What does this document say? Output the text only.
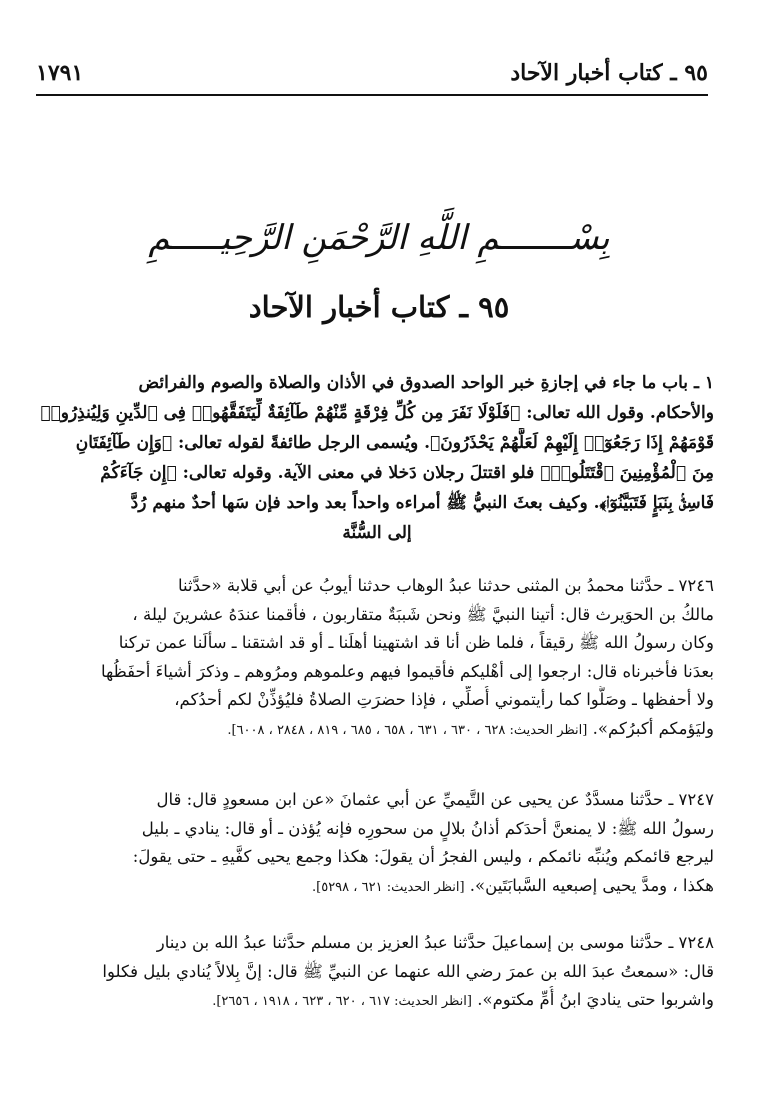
٩٥ ـ كتاب أخبار الآحاد
١٧٩١
بِسْـــــــمِ اللَّهِ الرَّحْمَنِ الرَّحِيـــــمِ
٩٥ ـ كتاب أخبار الآحاد
١ ـ باب ما جاء في إجازةِ خبر الواحد الصدوق في الأذان والصلاة والصوم والفرائض
والأحكام. وقول الله تعالى: ﴿فَلَوْلَا نَفَرَ مِن كُلِّ فِرْقَةٍ مِّنْهُمْ طَآئِفَةٌ لِّيَتَفَقَّهُوا۟ فِى ٱلدِّينِ وَلِيُنذِرُوا۟
قَوْمَهُمْ إِذَا رَجَعُوٓا۟ إِلَيْهِمْ لَعَلَّهُمْ يَحْذَرُونَ﴾. ويُسمى الرجل طائفةً لقوله تعالى: ﴿وَإِن طَآئِفَتَانِ
مِنَ ٱلْمُؤْمِنِينَ ٱقْتَتَلُوا۟﴾ فلو اقتتلَ رجلان دَخلا في معنى الآية. وقوله تعالى: ﴿إِن جَآءَكُمْ
فَاسِقٌۢ بِنَبَإٍ فَتَبَيَّنُوٓا۟﴾. وكيف بعثَ النبيُّ ﷺ أمراءه واحداً بعد واحد فإن سَها أحدٌ منهم رُدَّ
إلى السُّنَّة
٧٢٤٦ ـ حدَّثنا محمدُ بن المثنى حدثنا عبدُ الوهاب حدثنا أيوبُ عن أبي قلابة «حدَّثنا
مالكُ بن الحوَيرث قال: أتينا النبيَّ ﷺ ونحن شَببَةٌ متقاربون ، فأقمنا عندَهُ عشرينَ ليلة ،
وكان رسولُ الله ﷺ رقيقاً ، فلما ظن أنا قد اشتهينا أهلَنا ـ أو قد اشتقنا ـ سألَنا عمن تركنا
بعدَنا فأخبرناه قال: ارجعوا إلى أهْليكم فأقيموا فيهم وعلموهم ومرُوهم ـ وذكرَ أشياءَ أحفَظُها
ولا أحفظها ـ وصَلُّوا كما رأيتموني أُصلِّي ، فإذا حضرَتِ الصلاةُ فليُؤذِّنْ لكم أحدُكم،
وليَؤمكم أكبرُكم». [انظر الحديث: ٦٢٨ ، ٦٣٠ ، ٦٣١ ، ٦٥٨ ، ٦٨٥ ، ٨١٩ ، ٢٨٤٨ ، ٦٠٠٨].
٧٢٤٧ ـ حدَّثنا مسدَّدٌ عن يحيى عن التَّيميِّ عن أبي عثمانَ «عن ابن مسعودٍ قال: قال
رسولُ الله ﷺ: لا يمنعنَّ أحدَكم أذانُ بلالٍ من سحورِه فإنه يُؤذن ـ أو قال: ينادي ـ بليل
ليرجع قائمكم ويُنبِّه نائمكم ، وليس الفجرُ أن يقولَ: هكذا وجمع يحيى كفَّيهِ ـ حتى يقولَ:
هكذا ، ومدَّ يحيى إصبعيه السَّبابَتَين». [انظر الحديث: ٦٢١ ، ٥٢٩٨].
٧٢٤٨ ـ حدَّثنا موسى بن إسماعيلَ حدَّثنا عبدُ العزيز بن مسلم حدَّثنا عبدُ الله بن دينار
قال: «سمعتُ عبدَ الله بن عمرَ رضي الله عنهما عن النبيِّ ﷺ قال: إنَّ بِلالاً يُنادي بليل فكلوا
واشربوا حتى يناديَ ابنُ أُمِّ مكتوم». [انظر الحديث: ٦١٧ ، ٦٢٠ ، ٦٢٣ ، ١٩١٨ ، ٢٦٥٦].
